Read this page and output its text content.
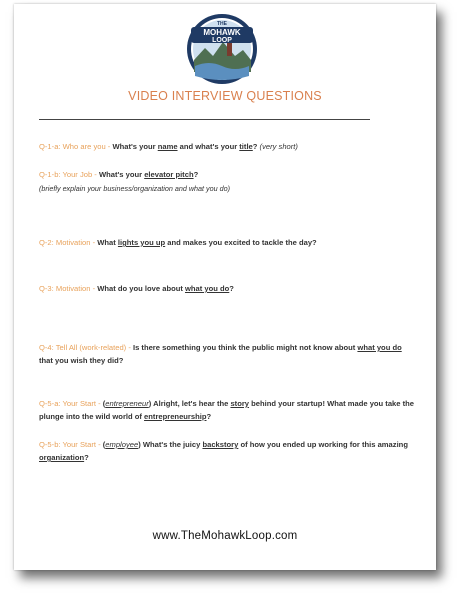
THE
MOHAWK
LOOP
VIDEO INTERVIEW QUESTIONS
Q-1-a: Who are you - What's your name and what's your title? (very short)
Q-1-b: Your Job - What's your elevator pitch?
(briefly explain your business/organization and what you do)
Q-2: Motivation - What lights you up and makes you excited to tackle the day?
Q-3: Motivation - What do you love about what you do?
Q-4: Tell All (work-related) - Is there something you think the public might not know about what you do that you wish they did?
Q-5-a: Your Start - (entrepreneur) Alright, let's hear the story behind your startup! What made you take the plunge into the wild world of entrepreneurship?
Q-5-b: Your Start - (employee) What's the juicy backstory of how you ended up working for this amazing organization?
www.TheMohawkLoop.com
